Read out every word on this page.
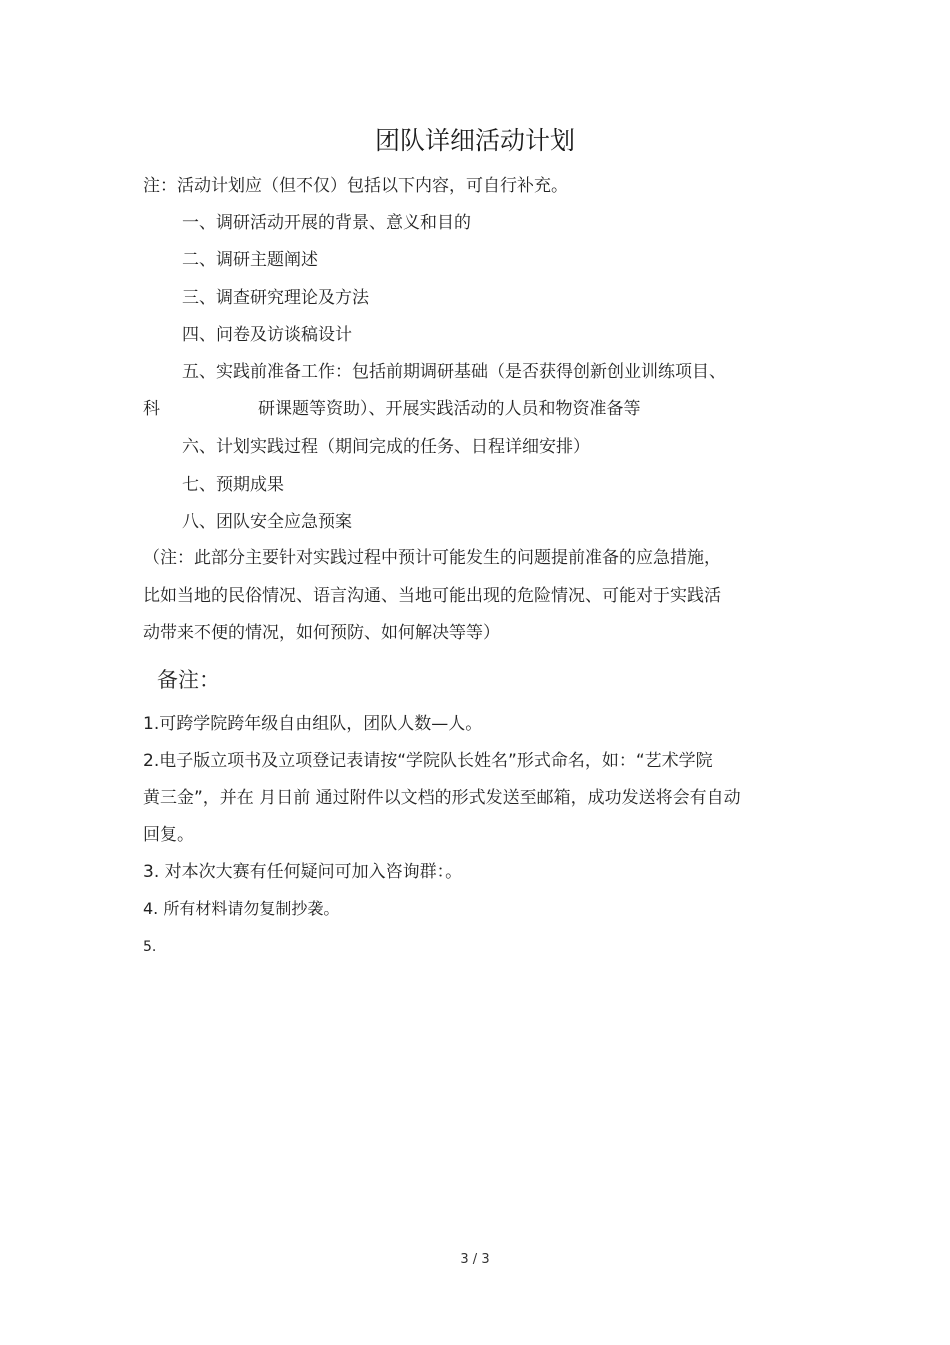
团队详细活动计划
注：活动计划应（但不仅）包括以下内容，可自行补充。
一、调研活动开展的背景、意义和目的
二、调研主题阐述
三、调查研究理论及方法
四、问卷及访谈稿设计
五、实践前准备工作：包括前期调研基础（是否获得创新创业训练项目、
科	研课题等资助）、开展实践活动的人员和物资准备等
六、计划实践过程（期间完成的任务、日程详细安排）
七、预期成果
八、团队安全应急预案
（注：此部分主要针对实践过程中预计可能发生的问题提前准备的应急措施，
比如当地的民俗情况、语言沟通、当地可能出现的危险情况、可能对于实践活
动带来不便的情况，如何预防、如何解决等等）
备注：
1.可跨学院跨年级自由组队，团队人数—人。
2.电子版立项书及立项登记表请按“学院队长姓名”形式命名，如：“艺术学院
黄三金”，并在 月日前 通过附件以文档的形式发送至邮箱，成功发送将会有自动
回复。
3. 对本次大赛有任何疑问可加入咨询群：。
4. 所有材料请勿复制抄袭。
5.
3 / 3
